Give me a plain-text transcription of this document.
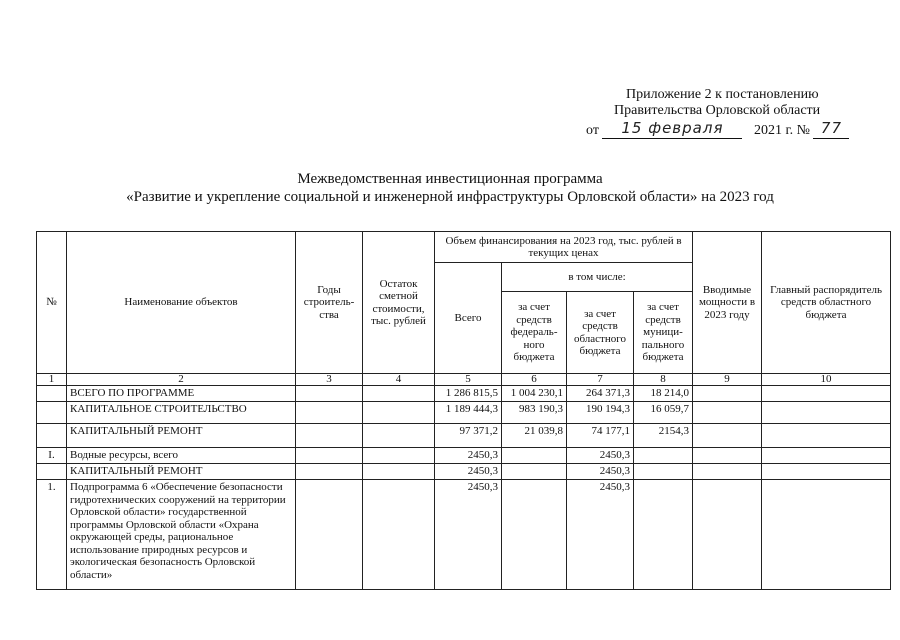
Приложение 2 к постановлению
Правительства Орловской области
от 15 февраля 2021 г. № 77
Межведомственная инвестиционная программа
«Развитие и укрепление социальной и инженерной инфраструктуры Орловской области» на 2023 год
№	Наименование объектов	Годы строитель-ства	Остаток сметной стоимости, тыс. рублей	Объем финансирования на 2023 год, тыс. рублей в текущих ценах				Вводимые мощности в 2023 году	Главный распорядитель средств областного бюджета
				Всего	в том числе:				
					за счет средств федераль-ного бюджета	за счет средств областного бюджета	за счет средств муници-пального бюджета		
1	2	3	4	5	6	7	8	9	10
	ВСЕГО ПО ПРОГРАММЕ			1 286 815,5	1 004 230,1	264 371,3	18 214,0		
	КАПИТАЛЬНОЕ СТРОИТЕЛЬСТВО			1 189 444,3	983 190,3	190 194,3	16 059,7		
	КАПИТАЛЬНЫЙ РЕМОНТ			97 371,2	21 039,8	74 177,1	2154,3		
I.	Водные ресурсы, всего			2450,3		2450,3			
	КАПИТАЛЬНЫЙ РЕМОНТ			2450,3		2450,3			
1.	Подпрограмма 6 «Обеспечение безопасности гидротехнических сооружений на территории Орловской области» государственной программы Орловской области «Охрана окружающей среды, рациональное использование природных ресурсов и экологическая безопасность Орловской области»			2450,3		2450,3			
